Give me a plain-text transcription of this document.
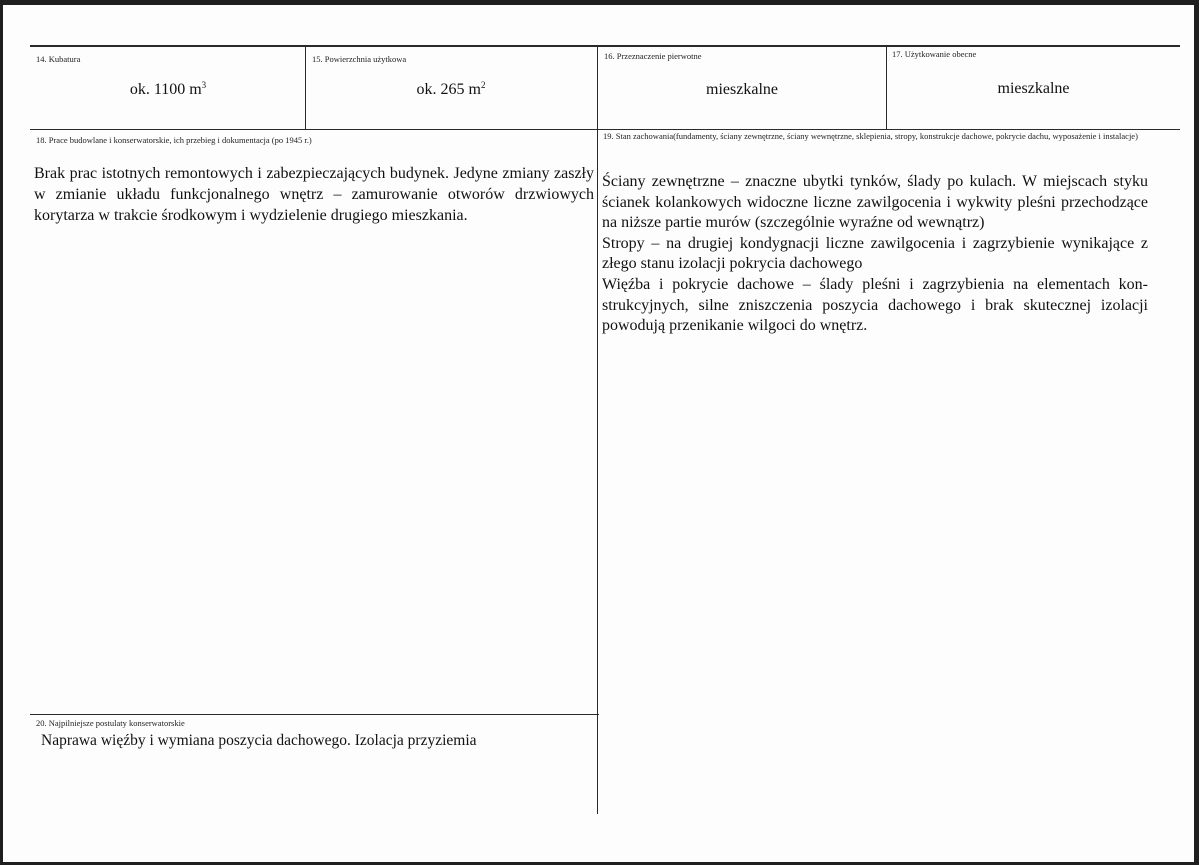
14. Kubatura
ok. 1100 $m^3$
15. Powierzchnia użytkowa
ok. 265 $m^2$
16. Przeznaczenie pierwotne
mieszkalne
17. Użytkowanie obecne
mieszkalne
18. Prace budowlane i konserwatorskie, ich przebieg i dokumentacja (po 1945 r.)
Brak prac istotnych remontowych i zabezpieczających budynek. Jedyne zmiany zaszły w zmianie układu funkcjonalnego wnętrz – zamurowanie otworów drzwiowych korytarza w trakcie środkowym i wydzielenie drugiego mieszkania.
19. Stan zachowania(fundamenty, ściany zewnętrzne, ściany wewnętrzne, sklepienia, stropy, konstrukcje dachowe, pokrycie dachu, wyposażenie i instalacje)

Ściany zewnętrzne – znaczne ubytki tynków, ślady po kulach. W miejscach styku ścianek kolankowych widoczne liczne zawilgocenia i wykwity pleśni przechodzące na niższe partie murów (szczególnie wyraźne od wewnątrz)

Stropy – na drugiej kondygnacji liczne zawilgocenia i zagrzybienie wynikające z złego stanu izolacji pokrycia dachowego

Więźba i pokrycie dachowe – ślady pleśni i zagrzybienia na elementach konstrukcyjnych, silne zniszczenia poszycia dachowego i brak skutecznej izolacji powodują przenikanie wilgoci do wnętrz.

20. Najpilniejsze postulaty konserwatorskie
Naprawa więźby i wymiana poszycia dachowego. Izolacja przyziemia
